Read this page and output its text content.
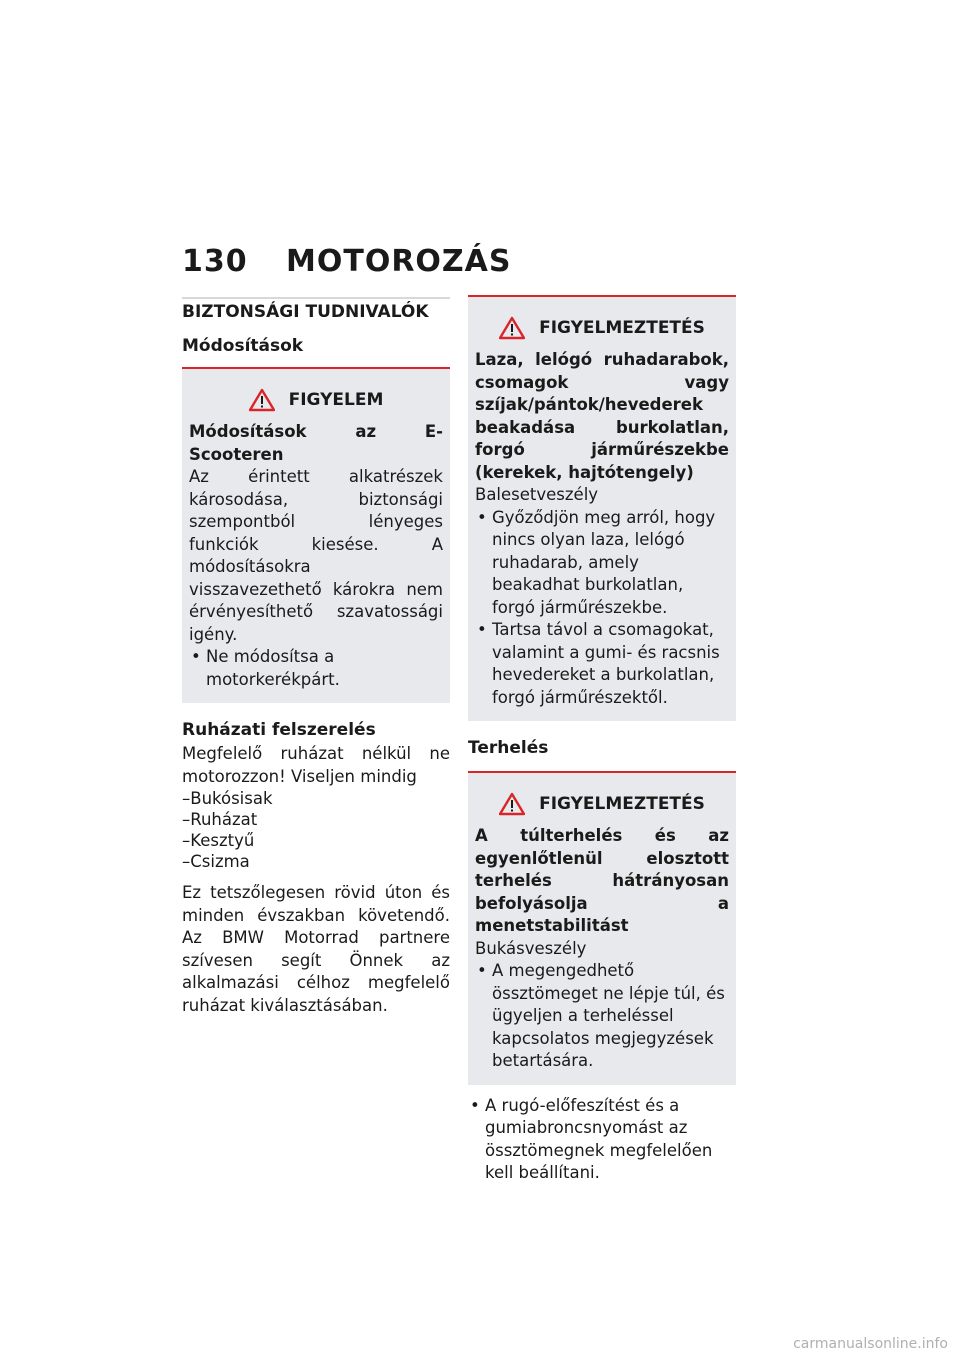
130 MOTOROZÁS

BIZTONSÁGI TUDNIVALÓK

Módosítások

FIGYELEM
Módosítások az E-Scooteren

Az érintett alkatrészek károsodása, biztonsági szempontból lényeges funkciók kiesése. A módosításokra visszavezethető károkra nem érvényesíthető szavatossági igény.

• Ne módosítsa a motorkerékpárt.

Ruházati felszerelés

Megfelelő ruházat nélkül ne motorozzon! Viseljen mindig

–Bukósisak
–Ruházat
–Kesztyű
–Csizma

Ez tetszőlegesen rövid úton és minden évszakban követendő. Az BMW Motorrad partnere szívesen segít Önnek az alkalmazási célhoz megfelelő ruházat kiválasztásában.

FIGYELMEZTETÉS
Laza, lelógó ruhadarabok, csomagok vagy szíjak/pántok/hevederek beakadása burkolatlan, forgó járműrészekbe (kerekek, hajtótengely)

Balesetveszély

• Győződjön meg arról, hogy nincs olyan laza, lelógó ruhadarab, amely beakadhat burkolatlan, forgó járműrészekbe.
• Tartsa távol a csomagokat, valamint a gumi- és racsnis hevedereket a burkolatlan, forgó járműrészektől.

Terhelés

FIGYELMEZTETÉS
A túlterhelés és az egyenlőtlenül elosztott terhelés hátrányosan befolyásolja a menetstabilitást

Bukásveszély

• A megengedhető össztömeget ne lépje túl, és ügyeljen a terheléssel kapcsolatos megjegyzések betartására.
• A rugó-előfeszítést és a gumiabroncsnyomást az össztömegnek megfelelően kell beállítani.
carmanualsonline.info
